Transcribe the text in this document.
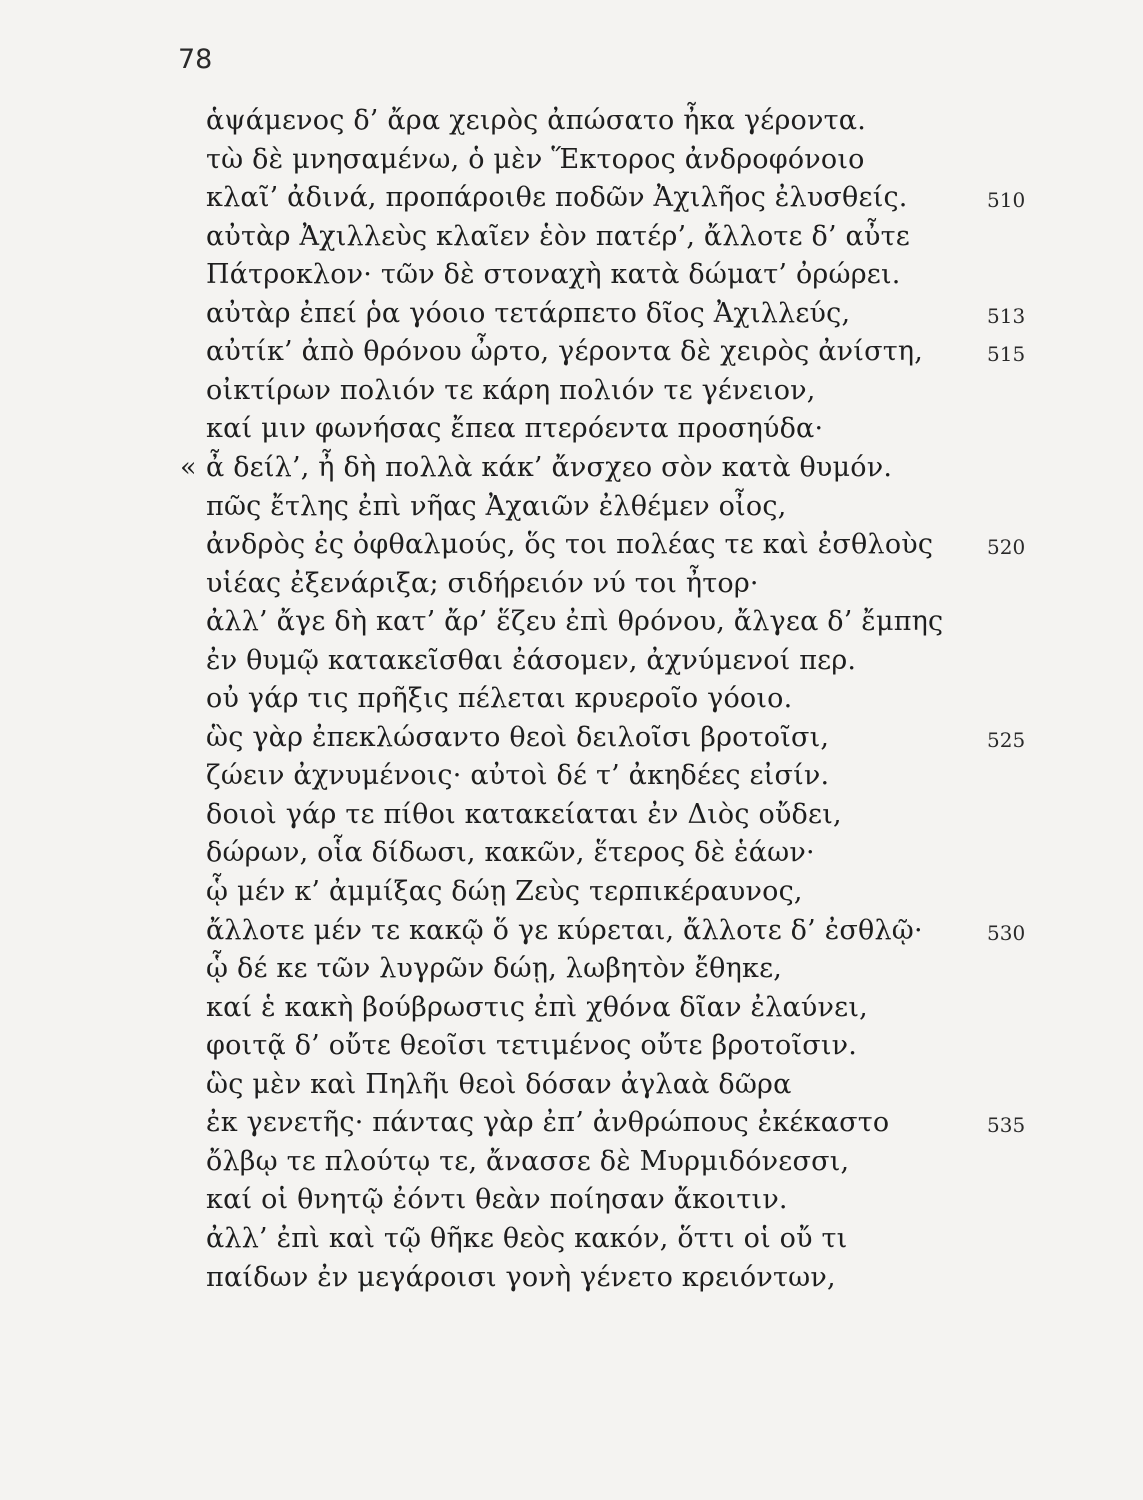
78
ἁψάμενος δ’ ἄρα χειρὸς ἀπώσατο ἦκα γέροντα.
τὼ δὲ μνησαμένω, ὁ μὲν Ἕκτορος ἀνδροφόνοιο
κλαῖ’ ἀδινά, προπάροιθε ποδῶν Ἀχιλῆος ἐλυσθείς.	510
αὐτὰρ Ἀχιλλεὺς κλαῖεν ἑὸν πατέρ’, ἄλλοτε δ’ αὖτε
Πάτροκλον· τῶν δὲ στοναχὴ κατὰ δώματ’ ὀρώρει.
αὐτὰρ ἐπεί ῥα γόοιο τετάρπετο δῖος Ἀχιλλεύς,	513
αὐτίκ’ ἀπὸ θρόνου ὦρτο, γέροντα δὲ χειρὸς ἀνίστη,	515
οἰκτίρων πολιόν τε κάρη πολιόν τε γένειον,
καί μιν φωνήσας ἔπεα πτερόεντα προσηύδα·
« ἆ δείλ’, ἦ δὴ πολλὰ κάκ’ ἄνσχεο σὸν κατὰ θυμόν.
πῶς ἔτλης ἐπὶ νῆας Ἀχαιῶν ἐλθέμεν οἶος,
ἀνδρὸς ἐς ὀφθαλμούς, ὅς τοι πολέας τε καὶ ἐσθλοὺς	520
υἱέας ἐξενάριξα; σιδήρειόν νύ τοι ἦτορ·
ἀλλ’ ἄγε δὴ κατ’ ἄρ’ ἕζευ ἐπὶ θρόνου, ἄλγεα δ’ ἔμπης
ἐν θυμῷ κατακεῖσθαι ἐάσομεν, ἀχνύμενοί περ.
οὐ γάρ τις πρῆξις πέλεται κρυεροῖο γόοιο.
ὣς γὰρ ἐπεκλώσαντο θεοὶ δειλοῖσι βροτοῖσι,	525
ζώειν ἀχνυμένοις· αὐτοὶ δέ τ’ ἀκηδέες εἰσίν.
δοιοὶ γάρ τε πίθοι κατακείαται ἐν Διὸς οὔδει,
δώρων, οἷα δίδωσι, κακῶν, ἕτερος δὲ ἑάων·
ᾧ μέν κ’ ἀμμίξας δώῃ Ζεὺς τερπικέραυνος,
ἄλλοτε μέν τε κακῷ ὅ γε κύρεται, ἄλλοτε δ’ ἐσθλῷ·	530
ᾧ δέ κε τῶν λυγρῶν δώῃ, λωβητὸν ἔθηκε,
καί ἑ κακὴ βούβρωστις ἐπὶ χθόνα δῖαν ἐλαύνει,
φοιτᾷ δ’ οὔτε θεοῖσι τετιμένος οὔτε βροτοῖσιν.
ὣς μὲν καὶ Πηλῆι θεοὶ δόσαν ἀγλαὰ δῶρα
ἐκ γενετῆς· πάντας γὰρ ἐπ’ ἀνθρώπους ἐκέκαστο	535
ὄλβῳ τε πλούτῳ τε, ἄνασσε δὲ Μυρμιδόνεσσι,
καί οἱ θνητῷ ἐόντι θεὰν ποίησαν ἄκοιτιν.
ἀλλ’ ἐπὶ καὶ τῷ θῆκε θεὸς κακόν, ὅττι οἱ οὔ τι
παίδων ἐν μεγάροισι γονὴ γένετο κρειόντων,
